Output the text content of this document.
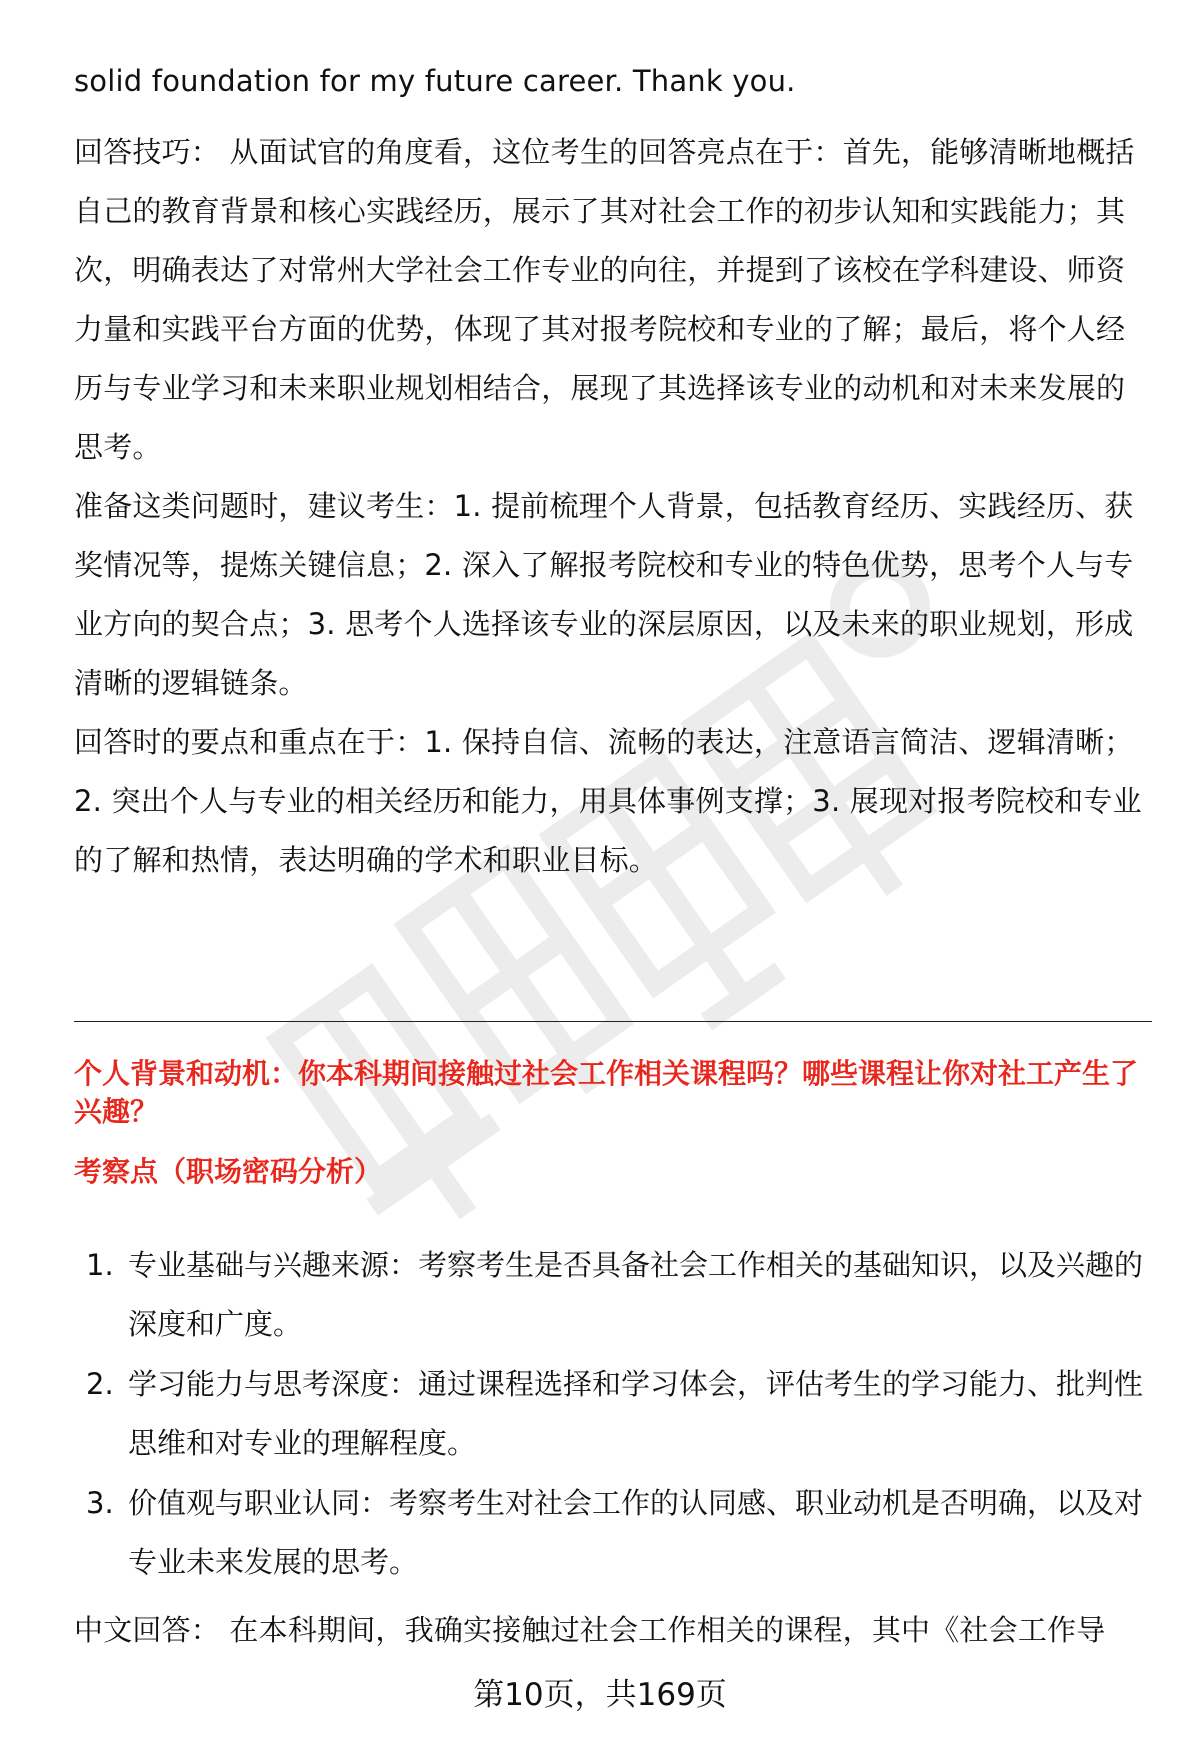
solid foundation for my future career. Thank you.

回答技巧： 从面试官的角度看，这位考生的回答亮点在于：首先，能够清晰地概括自己的教育背景和核心实践经历，展示了其对社会工作的初步认知和实践能力；其次，明确表达了对常州大学社会工作专业的向往，并提到了该校在学科建设、师资力量和实践平台方面的优势，体现了其对报考院校和专业的了解；最后，将个人经历与专业学习和未来职业规划相结合，展现了其选择该专业的动机和对未来发展的思考。

准备这类问题时，建议考生：1. 提前梳理个人背景，包括教育经历、实践经历、获奖情况等，提炼关键信息；2. 深入了解报考院校和专业的特色优势，思考个人与专业方向的契合点；3. 思考个人选择该专业的深层原因，以及未来的职业规划，形成清晰的逻辑链条。

回答时的要点和重点在于：1. 保持自信、流畅的表达，注意语言简洁、逻辑清晰；2. 突出个人与专业的相关经历和能力，用具体事例支撑；3. 展现对报考院校和专业的了解和热情，表达明确的学术和职业目标。

个人背景和动机：你本科期间接触过社会工作相关课程吗？哪些课程让你对社工产生了兴趣？

考察点（职场密码分析）

1. 专业基础与兴趣来源：考察考生是否具备社会工作相关的基础知识，以及兴趣的深度和广度。
2. 学习能力与思考深度：通过课程选择和学习体会，评估考生的学习能力、批判性思维和对专业的理解程度。
3. 价值观与职业认同：考察考生对社会工作的认同感、职业动机是否明确，以及对专业未来发展的思考。

中文回答： 在本科期间，我确实接触过社会工作相关的课程，其中《社会工作导

第10页，共169页
